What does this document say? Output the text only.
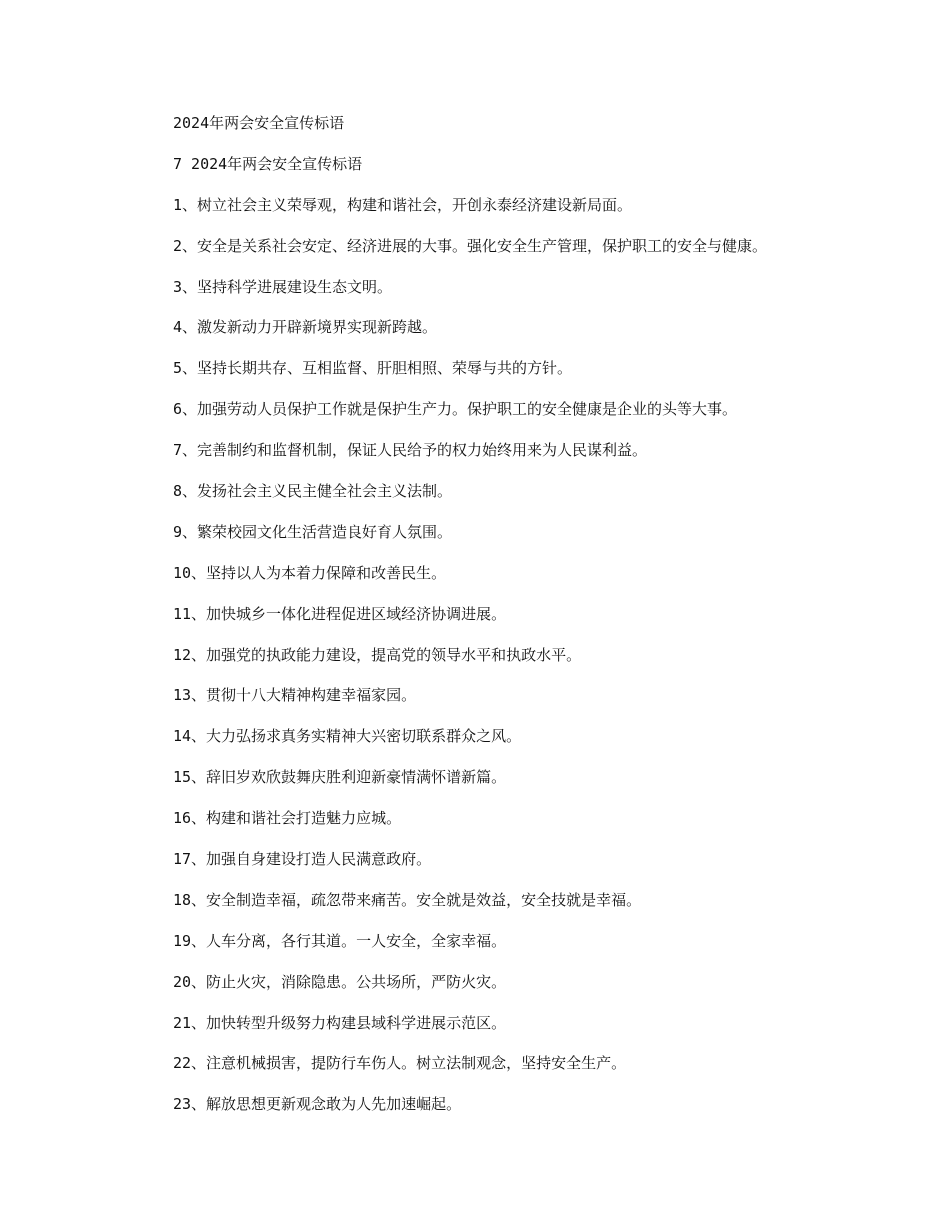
2024年两会安全宣传标语
7 2024年两会安全宣传标语
1、树立社会主义荣辱观，构建和谐社会，开创永泰经济建设新局面。
2、安全是关系社会安定、经济进展的大事。强化安全生产管理，保护职工的安全与健康。
3、坚持科学进展建设生态文明。
4、激发新动力开辟新境界实现新跨越。
5、坚持长期共存、互相监督、肝胆相照、荣辱与共的方针。
6、加强劳动人员保护工作就是保护生产力。保护职工的安全健康是企业的头等大事。
7、完善制约和监督机制，保证人民给予的权力始终用来为人民谋利益。
8、发扬社会主义民主健全社会主义法制。
9、繁荣校园文化生活营造良好育人氛围。
10、坚持以人为本着力保障和改善民生。
11、加快城乡一体化进程促进区域经济协调进展。
12、加强党的执政能力建设，提高党的领导水平和执政水平。
13、贯彻十八大精神构建幸福家园。
14、大力弘扬求真务实精神大兴密切联系群众之风。
15、辞旧岁欢欣鼓舞庆胜利迎新豪情满怀谱新篇。
16、构建和谐社会打造魅力应城。
17、加强自身建设打造人民满意政府。
18、安全制造幸福，疏忽带来痛苦。安全就是效益，安全技就是幸福。
19、人车分离，各行其道。一人安全，全家幸福。
20、防止火灾，消除隐患。公共场所，严防火灾。
21、加快转型升级努力构建县域科学进展示范区。
22、注意机械损害，提防行车伤人。树立法制观念，坚持安全生产。
23、解放思想更新观念敢为人先加速崛起。
